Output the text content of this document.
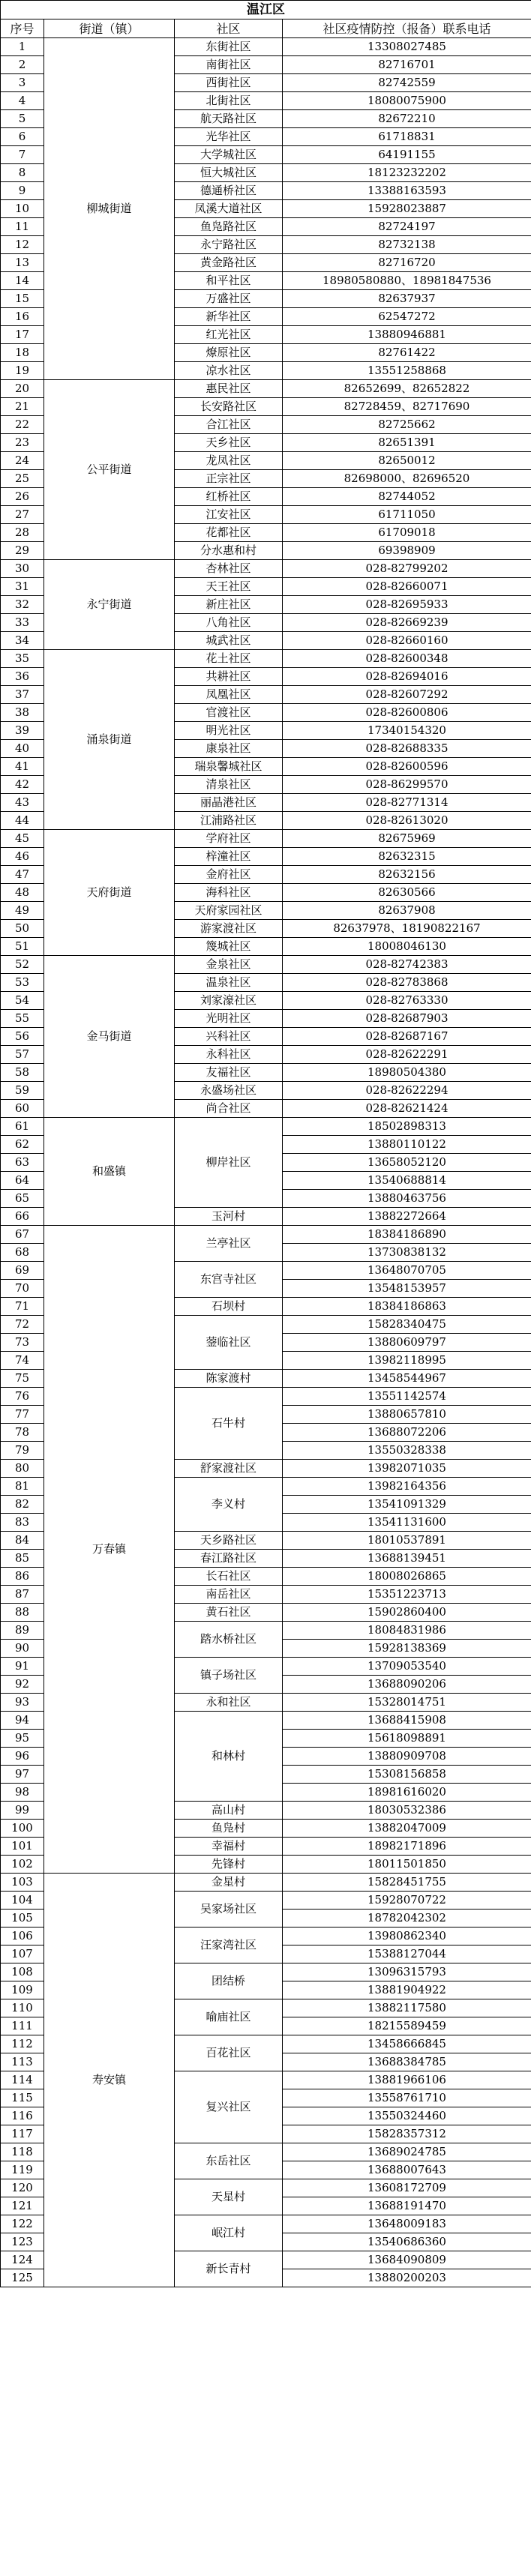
温江区			
序号	街道（镇）	社区	社区疫情防控（报备）联系电话
1	柳城街道	东街社区	13308027485
2		南街社区	82716701
3		西街社区	82742559
4		北街社区	18080075900
5		航天路社区	82672210
6		光华社区	61718831
7		大学城社区	64191155
8		恒大城社区	18123232202
9		德通桥社区	13388163593
10		凤溪大道社区	15928023887
11		鱼凫路社区	82724197
12		永宁路社区	82732138
13		黄金路社区	82716720
14		和平社区	18980580880、18981847536
15		万盛社区	82637937
16		新华社区	62547272
17		红光社区	13880946881
18		燎原社区	82761422
19		凉水社区	13551258868
20	公平街道	惠民社区	82652699、82652822
21		长安路社区	82728459、82717690
22		合江社区	82725662
23		天乡社区	82651391
24		龙凤社区	82650012
25		正宗社区	82698000、82696520
26		红桥社区	82744052
27		江安社区	61711050
28		花都社区	61709018
29		分水惠和村	69398909
30	永宁街道	杏林社区	028-82799202
31		天王社区	028-82660071
32		新庄社区	028-82695933
33		八角社区	028-82669239
34		城武社区	028-82660160
35	涌泉街道	花土社区	028-82600348
36		共耕社区	028-82694016
37		凤凰社区	028-82607292
38		官渡社区	028-82600806
39		明光社区	17340154320
40		康泉社区	028-82688335
41		瑞泉馨城社区	028-82600596
42		清泉社区	028-86299570
43		丽晶港社区	028-82771314
44		江浦路社区	028-82613020
45	天府街道	学府社区	82675969
46		梓潼社区	82632315
47		金府社区	82632156
48		海科社区	82630566
49		天府家园社区	82637908
50		游家渡社区	82637978、18190822167
51		篾城社区	18008046130
52	金马街道	金泉社区	028-82742383
53		温泉社区	028-82783868
54		刘家濠社区	028-82763330
55		光明社区	028-82687903
56		兴科社区	028-82687167
57		永科社区	028-82622291
58		友福社区	18980504380
59		永盛场社区	028-82622294
60		尚合社区	028-82621424
61	和盛镇	柳岸社区	18502898313
62			13880110122
63			13658052120
64			13540688814
65			13880463756
66		玉河村	13882272664
67	万春镇	兰亭社区	18384186890
68			13730838132
69		东宫寺社区	13648070705
70			13548153957
71		石坝村	18384186863
72		蓥临社区	15828340475
73			13880609797
74			13982118995
75		陈家渡村	13458544967
76		石牛村	13551142574
77			13880657810
78			13688072206
79			13550328338
80		舒家渡社区	13982071035
81		李义村	13982164356
82			13541091329
83			13541131600
84		天乡路社区	18010537891
85		春江路社区	13688139451
86		长石社区	18008026865
87		南岳社区	15351223713
88		黄石社区	15902860400
89		踏水桥社区	18084831986
90			15928138369
91		镇子场社区	13709053540
92			13688090206
93		永和社区	15328014751
94		和林村	13688415908
95			15618098891
96			13880909708
97			15308156858
98			18981616020
99		高山村	18030532386
100		鱼凫村	13882047009
101		幸福村	18982171896
102		先锋村	18011501850
103	寿安镇	金星村	15828451755
104		吴家场社区	15928070722
105			18782042302
106		汪家湾社区	13980862340
107			15388127044
108		团结桥	13096315793
109			13881904922
110		喻庙社区	13882117580
111			18215589459
112		百花社区	13458666845
113			13688384785
114		复兴社区	13881966106
115			13558761710
116			13550324460
117			15828357312
118		东岳社区	13689024785
119			13688007643
120		天星村	13608172709
121			13688191470
122		岷江村	13648009183
123			13540686360
124		新长青村	13684090809
125			13880200203
